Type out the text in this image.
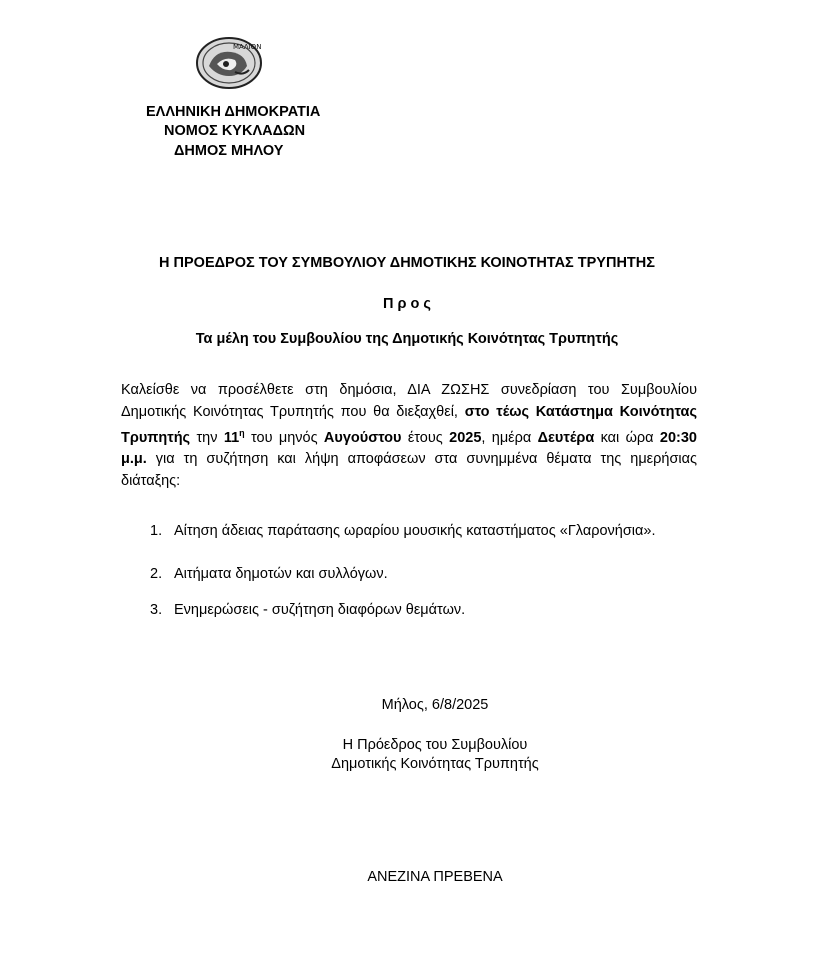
ΜΑΛΙΟΝ
ΕΛΛΗΝΙΚΗ ΔΗΜΟΚΡΑΤΙΑ
ΝΟΜΟΣ ΚΥΚΛΑΔΩΝ
ΔΗΜΟΣ ΜΗΛΟΥ
Η ΠΡΟΕΔΡΟΣ ΤΟΥ ΣΥΜΒΟΥΛΙΟΥ ΔΗΜΟΤΙΚΗΣ ΚΟΙΝΟΤΗΤΑΣ ΤΡΥΠΗΤΗΣ
Π ρ ο ς
Τα μέλη του Συμβουλίου της Δημοτικής Κοινότητας Τρυπητής
Καλείσθε να προσέλθετε στη δημόσια, ΔΙΑ ΖΩΣΗΣ συνεδρίαση του Συμβουλίου Δημοτικής Κοινότητας Τρυπητής που θα διεξαχθεί, στο τέως Κατάστημα Κοινότητας Τρυπητής την $11^\eta$ του μηνός Αυγούστου έτους 2025, ημέρα Δευτέρα και ώρα 20:30 μ.μ. για τη συζήτηση και λήψη αποφάσεων στα συνημμένα θέματα της ημερήσιας διάταξης:
1. Αίτηση άδειας παράτασης ωραρίου μουσικής καταστήματος «Γλαρονήσια».
2. Αιτήματα δημοτών και συλλόγων.
3. Ενημερώσεις - συζήτηση διαφόρων θεμάτων.
Μήλος, 6/8/2025
Η Πρόεδρος του Συμβουλίου
Δημοτικής Κοινότητας Τρυπητής
ΑΝΕΖΙΝΑ ΠΡΕΒΕΝΑ
